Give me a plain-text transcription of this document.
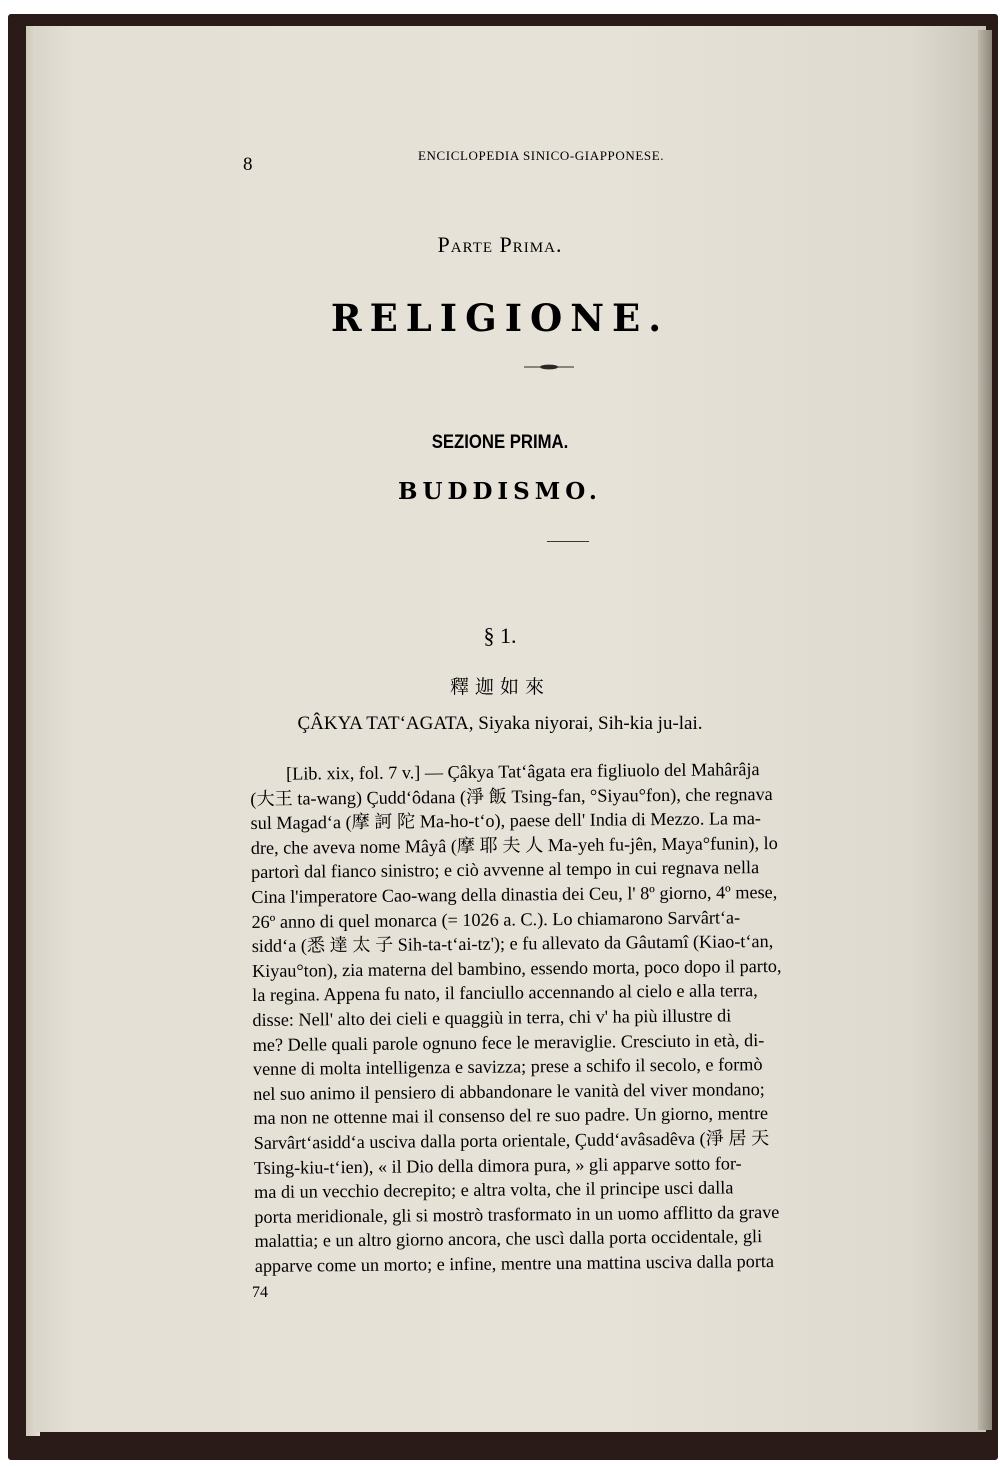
8	ENCICLOPEDIA SINICO-GIAPPONESE.
Parte Prima.
RELIGIONE.
SEZIONE PRIMA.
BUDDISMO.
§ 1.
釋迦如來
ÇÂKYA TATʻAGATA, Siyaka niyorai, Sih-kia ju-lai.
[Lib. xix, fol. 7 v.] — Çâkya Tatʻâgata era figliuolo del Mahârâja
(大王 ta-wang) Çuddʻôdana (淨 飯 Tsing-fan, °Siyau°fon), che regnava
sul Magadʻa (摩 訶 陀 Ma-ho-tʻo), paese dell' India di Mezzo. La ma-
dre, che aveva nome Mâyâ (摩 耶 夫 人 Ma-yeh fu-jên, Maya°funin), lo
partorì dal fianco sinistro; e ciò avvenne al tempo in cui regnava nella
Cina l'imperatore Cao-wang della dinastia dei Ceu, l' 8º giorno, 4º mese,
26º anno di quel monarca (= 1026 a. C.). Lo chiamarono Sarvârtʻa-
siddʻa (悉 達 太 子 Sih-ta-tʻai-tz'); e fu allevato da Gâutamî (Kiao-tʻan,
Kiyau°ton), zia materna del bambino, essendo morta, poco dopo il parto,
la regina. Appena fu nato, il fanciullo accennando al cielo e alla terra,
disse: Nell' alto dei cieli e quaggiù in terra, chi v' ha più illustre di
me? Delle quali parole ognuno fece le meraviglie. Cresciuto in età, di-
venne di molta intelligenza e savizza; prese a schifo il secolo, e formò
nel suo animo il pensiero di abbandonare le vanità del viver mondano;
ma non ne ottenne mai il consenso del re suo padre. Un giorno, mentre
Sarvârtʻasiddʻa usciva dalla porta orientale, Çuddʻavâsadêva (淨 居 天
Tsing-kiu-tʻien), « il Dio della dimora pura, » gli apparve sotto for-
ma di un vecchio decrepito; e altra volta, che il principe usci dalla
porta meridionale, gli si mostrò trasformato in un uomo afflitto da grave
malattia; e un altro giorno ancora, che uscì dalla porta occidentale, gli
apparve come un morto; e infine, mentre una mattina usciva dalla porta
74
